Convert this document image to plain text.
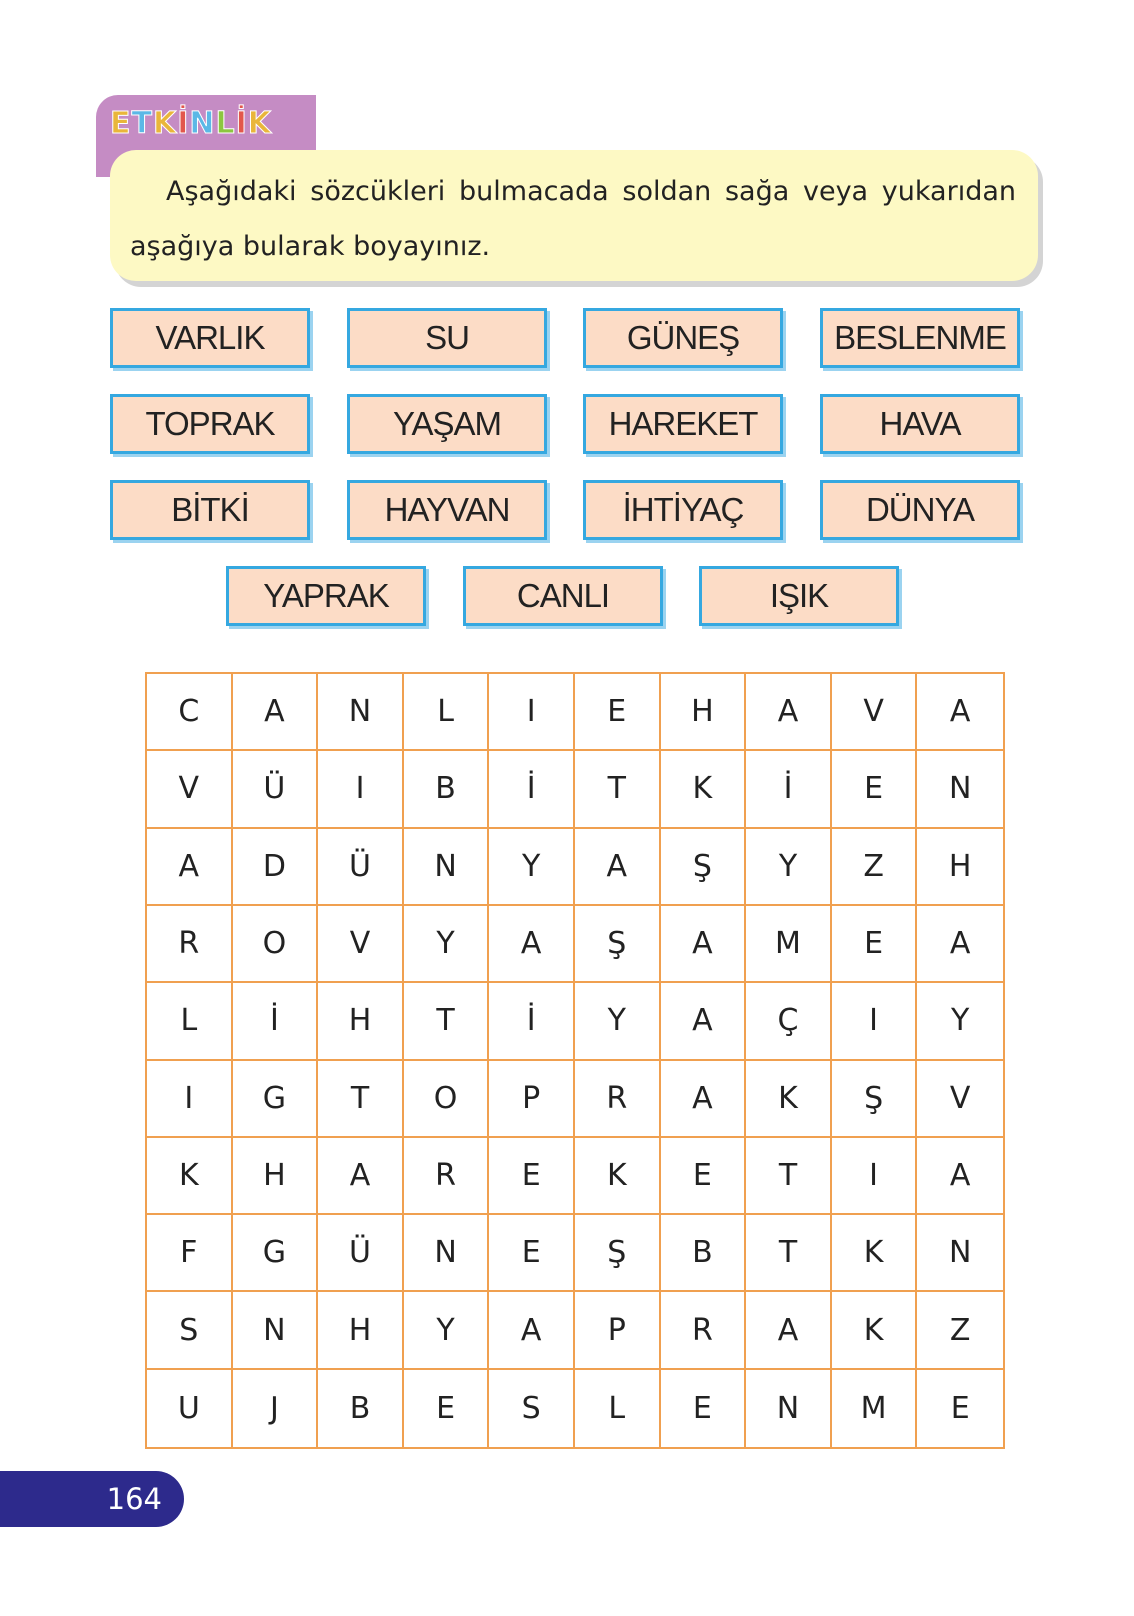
ETKİNLİK
Aşağıdaki sözcükleri bulmacada soldan sağa veya yukarıdan aşağıya bularak boyayınız.
VARLIK	SU	GÜNEŞ	BESLENME
TOPRAK	YAŞAM	HAREKET	HAVA
BİTKİ	HAYVAN	İHTİYAÇ	DÜNYA
YAPRAK	CANLI	IŞIK
C	A	N	L	I	E	H	A	V	A
V	Ü	I	B	İ	T	K	İ	E	N
A	D	Ü	N	Y	A	Ş	Y	Z	H
R	O	V	Y	A	Ş	A	M	E	A
L	İ	H	T	İ	Y	A	Ç	I	Y
I	G	T	O	P	R	A	K	Ş	V
K	H	A	R	E	K	E	T	I	A
F	G	Ü	N	E	Ş	B	T	K	N
S	N	H	Y	A	P	R	A	K	Z
U	J	B	E	S	L	E	N	M	E
164
